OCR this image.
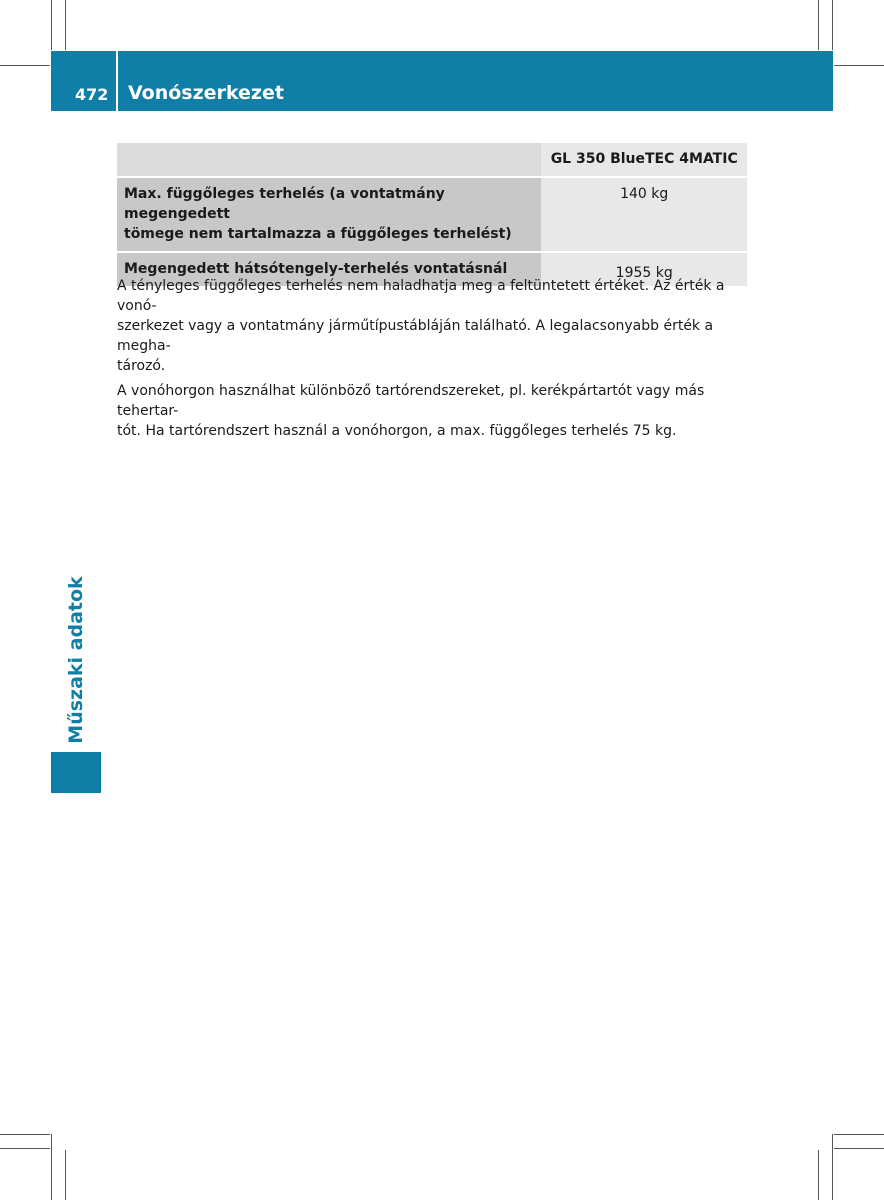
472 Vonószerkezet
	GL 350 BlueTEC 4MATIC

Max. függőleges terhelés (a vontatmány megengedett
tömege nem tartalmazza a függőleges terhelést)	140 kg

Megengedett hátsótengely-terhelés vontatásnál	1955 kg

A tényleges függőleges terhelés nem haladhatja meg a feltüntetett értéket. Az érték a vonó-
szerkezet vagy a vontatmány járműtípustábláján található. A legalacsonyabb érték a megha-
tározó.

A vonóhorgon használhat különböző tartórendszereket, pl. kerékpártartót vagy más tehertar-
tót. Ha tartórendszert használ a vonóhorgon, a max. függőleges terhelés 75 kg.

Műszaki adatok
